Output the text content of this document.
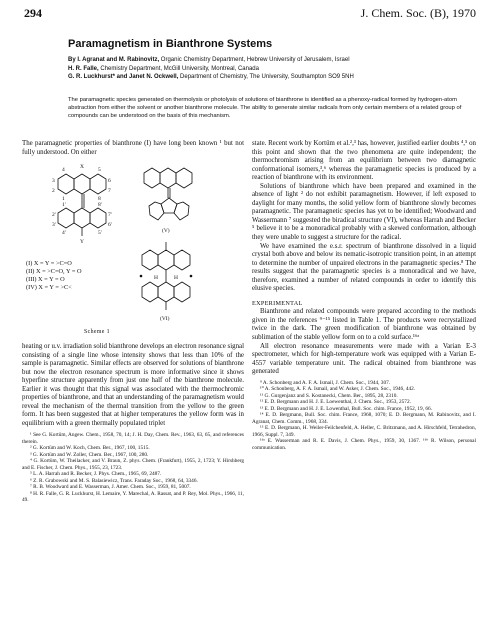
294	J. Chem. Soc. (B), 1970
Paramagnetism in Bianthrone Systems

By I. Agranat and M. Rabinovitz, Organic Chemistry Department, Hebrew University of Jerusalem, Israel

H. R. Falle, Chemistry Department, McGill University, Montreal, Canada

G. R. Luckhurst* and Janet N. Ockwell, Department of Chemistry, The University, Southampton SO9 5NH

The paramagnetic species generated on thermolysis or photolysis of solutions of bianthrone is identified as a phenoxy-radical formed by hydrogen-atom abstraction from either the solvent or another bianthrone molecule. The ability to generate similar radicals from only certain members of a related group of compounds can be understood on the basis of this mechanism.

The paramagnetic properties of bianthrone (I) have long been known ¹ but not fully understood. On either

X
Y
3
2
4
1
6
7
5
8
2'
3'
1'
4'
7'
6'
8'
5'	(V)
(VI)
H	H
(I) X = Y = >C=O
(II) X = >C=O, Y = O
(III) X = Y = O
(IV) X = Y = >C<
Scheme 1

heating or u.v. irradiation solid bianthrone develops an electron resonance signal consisting of a single line whose intensity shows that less than 10% of the sample is paramagnetic. Similar effects are observed for solutions of bianthrone but now the electron resonance spectrum is more informative since it shows hyperfine structure apparently from just one half of the bianthrone molecule. Earlier it was thought that this signal was associated with the thermochromic properties of bianthrone, and that an understanding of the paramagnetism would reveal the mechanism of the thermal transition from the yellow to the green form. It has been suggested that at higher temperatures the yellow form was in equilibrium with a green thermally populated triplet

¹ See G. Kortüm, Angew. Chem., 1958, 70, 14; J. H. Day, Chem. Rev., 1963, 63, 65, and references therein.

² G. Kortüm and W. Koch, Chem. Ber., 1967, 100, 1515.

³ G. Kortüm and W. Zoller, Chem. Ber., 1967, 100, 280.

⁴ G. Kortüm, W. Theilacker, and V. Braun, Z. phys. Chem. (Frankfurt), 1955, 2, 1723; Y. Hirshberg and E. Fischer, J. Chem. Phys., 1955, 23, 1723.

⁵ L. A. Harrah and R. Becker, J. Phys. Chem., 1965, 69, 2487.

⁶ Z. R. Grabowski and M. S. Balasiewicz, Trans. Faraday Soc., 1968, 64, 3346.

⁷ R. B. Woodward and E. Wasserman, J. Amer. Chem. Soc., 1959, 81, 5007.

⁸ H. R. Falle, G. R. Luckhurst, H. Lemaire, Y. Marechal, A. Rassat, and P. Rey, Mol. Phys., 1966, 11, 49.

state. Recent work by Kortüm et al.²,³ has, however, justified earlier doubts ⁴,⁵ on this point and shown that the two phenomena are quite independent; the thermochromism arising from an equilibrium between two diamagnetic conformational isomers,³,⁶ whereas the paramagnetic species is produced by a reaction of bianthrone with its environment.

Solutions of bianthrone which have been prepared and examined in the absence of light ² do not exhibit paramagnetism. However, if left exposed to daylight for many months, the solid yellow form of bianthrone slowly becomes paramagnetic. The paramagnetic species has yet to be identified; Woodward and Wassermann ⁷ suggested the biradical structure (VI), whereas Harrah and Becker ⁵ believe it to be a monoradical probably with a skewed conformation, although they were unable to suggest a structure for the radical.

We have examined the e.s.r. spectrum of bianthrone dissolved in a liquid crystal both above and below its nematic-isotropic transition point, in an attempt to determine the number of unpaired electrons in the paramagnetic species.⁸ The results suggest that the paramagnetic species is a monoradical and we have, therefore, examined a number of related compounds in order to identify this elusive species.

EXPERIMENTAL

Bianthrone and related compounds were prepared according to the methods given in the references ⁹⁻¹⁵ listed in Table 1. The products were recrystallized twice in the dark. The green modification of bianthrone was obtained by sublimation of the stable yellow form on to a cold surface.¹⁶ᵃ

All electron resonance measurements were made with a Varian E-3 spectrometer, which for high-temperature work was equipped with a Varian E-4557 variable temperature unit. The radical obtained from bianthrone was generated

⁹ A. Schonberg and A. F. A. Ismail, J. Chem. Soc., 1944, 307.

¹⁰ A. Schonberg, A. F. A. Ismail, and W. Asker, J. Chem. Soc., 1946, 442.

¹¹ G. Gurgenjanz and S. Kostanecki, Chem. Ber., 1895, 28, 2310.

¹² E. D. Bergmann and H. J. E. Loewenthal, J. Chem. Soc., 1953, 2572.

¹³ E. D. Bergmann and H. J. E. Lowenthal, Bull. Soc. chim. France, 1952, 19, 66.

¹⁴ E. D. Bergmann, Bull. Soc. chim. France, 1968, 1070; E. D. Bergmann, M. Rabinovitz, and I. Agranat, Chem. Comm., 1968, 334.

¹⁵ E. D. Bergmann, H. Weiler-Feilchenfeld, A. Heller, C. Britzmann, and A. Hirschfeld, Tetrahedron, 1966, Suppl. 7, 349.

¹⁶ᵃ E. Wasserman and R. E. Davis, J. Chem. Phys., 1959, 30, 1367. ¹⁶ᵇ R. Wilson, personal communication.
